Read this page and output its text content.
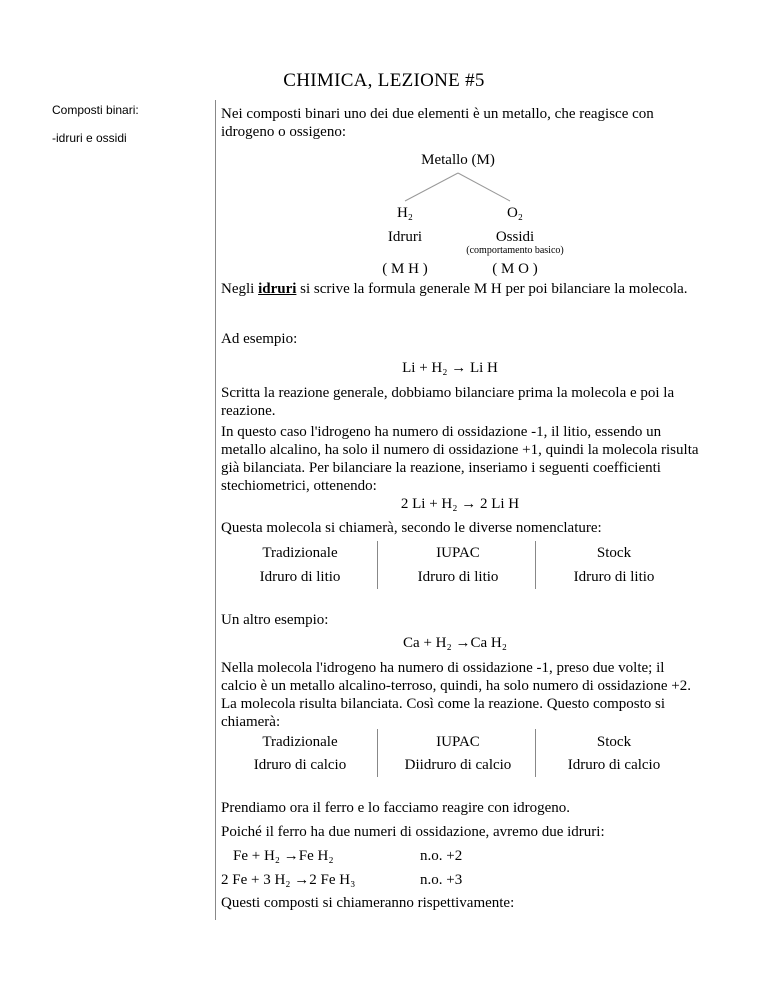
CHIMICA, LEZIONE #5
Composti binari:
-idruri e ossidi
Nei composti binari uno dei due elementi è un metallo, che reagisce con idrogeno o ossigeno:
Metallo (M)
H₂	O₂
Idruri	Ossidi
(comportamento basico)
( M H )	( M O )
Negli idruri si scrive la formula generale M H per poi bilanciare la molecola.
Ad esempio:
Li + H₂ → Li H
Scritta la reazione generale, dobbiamo bilanciare prima la molecola e poi la reazione.
In questo caso l'idrogeno ha numero di ossidazione -1, il litio, essendo un metallo alcalino, ha solo il numero di ossidazione +1, quindi la molecola risulta già bilanciata. Per bilanciare la reazione, inseriamo i seguenti coefficienti stechiometrici, ottenendo:
2 Li + H₂ → 2 Li H
Questa molecola si chiamerà, secondo le diverse nomenclature:
Tradizionale	IUPAC	Stock
Idruro di litio	Idruro di litio	Idruro di litio
Un altro esempio:
Ca + H₂ →Ca H₂
Nella molecola l'idrogeno ha numero di ossidazione -1, preso due volte; il calcio è un metallo alcalino-terroso, quindi, ha solo numero di ossidazione +2. La molecola risulta bilanciata. Così come la reazione. Questo composto si chiamerà:
Tradizionale	IUPAC	Stock
Idruro di calcio	Diidruro di calcio	Idruro di calcio
Prendiamo ora il ferro e lo facciamo reagire con idrogeno.
Poiché il ferro ha due numeri di ossidazione, avremo due idruri:
Fe + H₂ →Fe H₂	n.o. +2
2 Fe + 3 H₂ →2 Fe H₃	n.o. +3
Questi composti si chiameranno rispettivamente:
